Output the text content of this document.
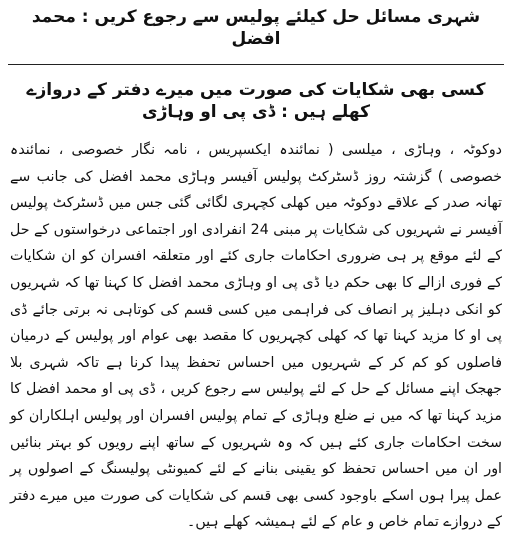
شہری مسائل حل کیلئے پولیس سے رجوع کریں : محمد افضل
کسی بھی شکایات کی صورت میں میرے دفتر کے دروازے کھلے ہیں : ڈی پی او وہاڑی

دوکوٹہ ، وہاڑی ، میلسی ( نمائندہ ایکسپریس ، نامہ نگار خصوصی ، نمائندہ خصوصی ) گزشتہ روز ڈسٹرکٹ پولیس آفیسر وہاڑی محمد افضل کی جانب سے تھانہ صدر کے علاقے دوکوٹہ میں کھلی کچہری لگائی گئی جس میں ڈسٹرکٹ پولیس آفیسر نے شہریوں کی شکایات پر مبنی 24 انفرادی اور اجتماعی درخواستوں کے حل کے لئے موقع پر ہی ضروری احکامات جاری کئے اور متعلقہ افسران کو ان شکایات کے فوری ازالے کا بھی حکم دیا ڈی پی او وہاڑی محمد افضل کا کہنا تھا کہ شہریوں کو انکی دہلیز پر انصاف کی فراہمی میں کسی قسم کی کوتاہی نہ برتی جائے ڈی پی او کا مزید کہنا تھا کہ کھلی کچہریوں کا مقصد بھی عوام اور پولیس کے درمیان فاصلوں کو کم کر کے شہریوں میں احساس تحفظ پیدا کرنا ہے تاکہ شہری بلا جھجک اپنے مسائل کے حل کے لئے پولیس سے رجوع کریں ، ڈی پی او محمد افضل کا مزید کہنا تھا کہ میں نے ضلع وہاڑی کے تمام پولیس افسران اور پولیس اہلکاران کو سخت احکامات جاری کئے ہیں کہ وہ شہریوں کے ساتھ اپنے رویوں کو بہتر بنائیں اور ان میں احساس تحفظ کو یقینی بنانے کے لئے کمیونٹی پولیسنگ کے اصولوں پر عمل پیرا ہوں اسکے باوجود کسی بھی قسم کی شکایات کی صورت میں میرے دفتر کے دروازے تمام خاص و عام کے لئے ہمیشہ کھلے ہیں۔
